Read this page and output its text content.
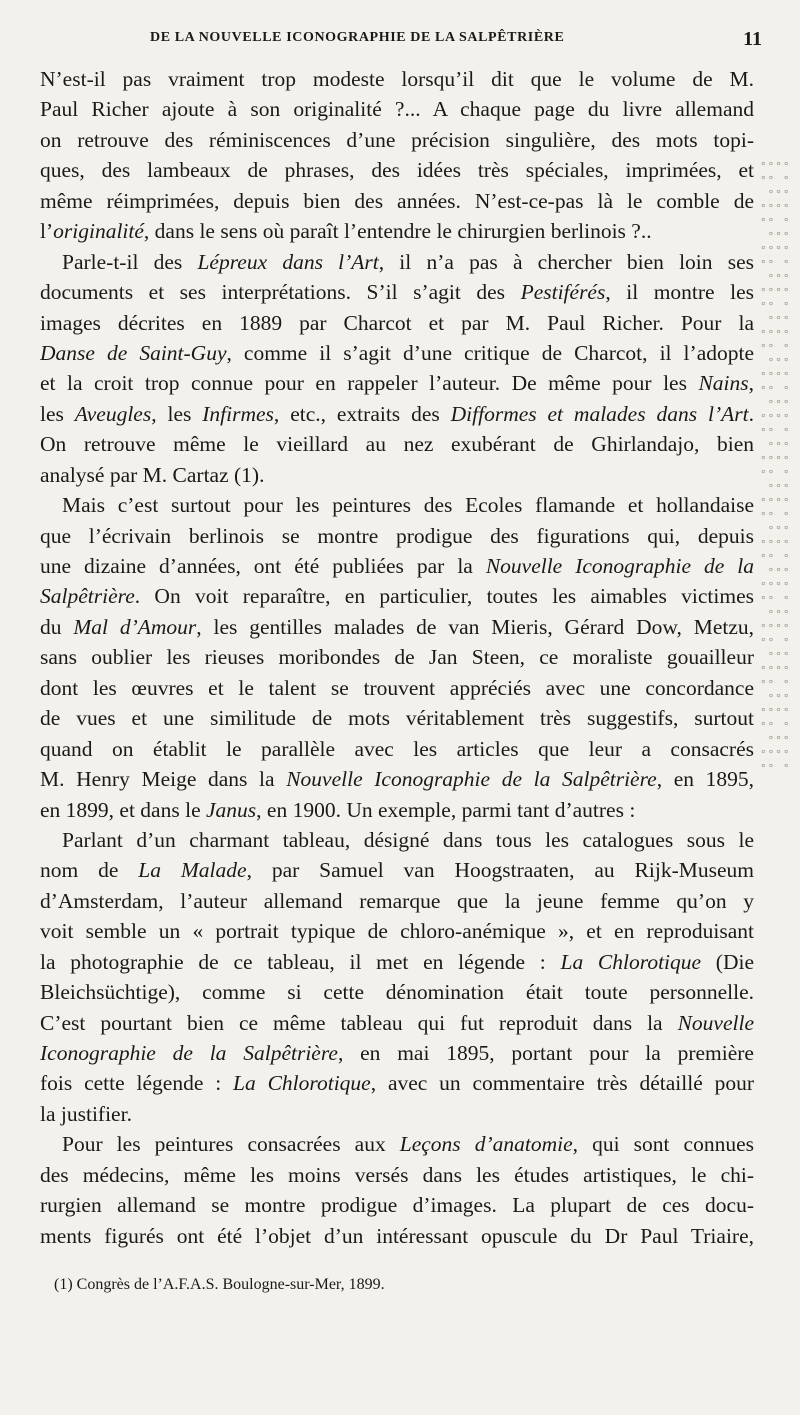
DE LA NOUVELLE ICONOGRAPHIE DE LA SALPÊTRIÈRE	11
N’est-il pas vraiment trop modeste lorsqu’il dit que le volume de M.
Paul Richer ajoute à son originalité ?... A chaque page du livre allemand
on retrouve des réminiscences d’une précision singulière, des mots topi-
ques, des lambeaux de phrases, des idées très spéciales, imprimées, et
même réimprimées, depuis bien des années. N’est-ce-pas là le comble de
l’originalité, dans le sens où paraît l’entendre le chirurgien berlinois ?..
Parle-t-il des Lépreux dans l’Art, il n’a pas à chercher bien loin ses
documents et ses interprétations. S’il s’agit des Pestiférés, il montre les
images décrites en 1889 par Charcot et par M. Paul Richer. Pour la
Danse de Saint-Guy, comme il s’agit d’une critique de Charcot, il l’adopte
et la croit trop connue pour en rappeler l’auteur. De même pour les Nains,
les Aveugles, les Infirmes, etc., extraits des Difformes et malades dans l’Art.
On retrouve même le vieillard au nez exubérant de Ghirlandajo, bien
analysé par M. Cartaz (1).
Mais c’est surtout pour les peintures des Ecoles flamande et hollandaise
que l’écrivain berlinois se montre prodigue des figurations qui, depuis
une dizaine d’années, ont été publiées par la Nouvelle Iconographie de la
Salpêtrière. On voit reparaître, en particulier, toutes les aimables victimes
du Mal d’Amour, les gentilles malades de van Mieris, Gérard Dow, Metzu,
sans oublier les rieuses moribondes de Jan Steen, ce moraliste gouailleur
dont les œuvres et le talent se trouvent appréciés avec une concordance
de vues et une similitude de mots véritablement très suggestifs, surtout
quand on établit le parallèle avec les articles que leur a consacrés
M. Henry Meige dans la Nouvelle Iconographie de la Salpêtrière, en 1895,
en 1899, et dans le Janus, en 1900. Un exemple, parmi tant d’autres :
Parlant d’un charmant tableau, désigné dans tous les catalogues sous le
nom de La Malade, par Samuel van Hoogstraaten, au Rijk-Museum
d’Amsterdam, l’auteur allemand remarque que la jeune femme qu’on y
voit semble un « portrait typique de chloro-anémique », et en reproduisant
la photographie de ce tableau, il met en légende : La Chlorotique (Die
Bleichsüchtige), comme si cette dénomination était toute personnelle.
C’est pourtant bien ce même tableau qui fut reproduit dans la Nouvelle
Iconographie de la Salpêtrière, en mai 1895, portant pour la première
fois cette légende : La Chlorotique, avec un commentaire très détaillé pour
la justifier.
Pour les peintures consacrées aux Leçons d’anatomie, qui sont connues
des médecins, même les moins versés dans les études artistiques, le chi-
rurgien allemand se montre prodigue d’images. La plupart de ces docu-
ments figurés ont été l’objet d’un intéressant opuscule du Dr Paul Triaire,
°°°°
°° °
°°°
°°°°
°° °
°°°
°°°°
°° °
°°°
°°°°
°° °
°°°
°°°°
°° °
°°°
°°°°
°° °
°°°
°°°°
°° °
°°°
°°°°
°° °
°°°
°°°°
°° °
°°°
°°°°
°° °
°°°
°°°°
°° °
°°°
°°°°
°° °
°°°
°°°°
°° °
°°°
°°°°
°° °
°°°
°°°°
°° °

(1) Congrès de l’A.F.A.S. Boulogne-sur-Mer, 1899.
